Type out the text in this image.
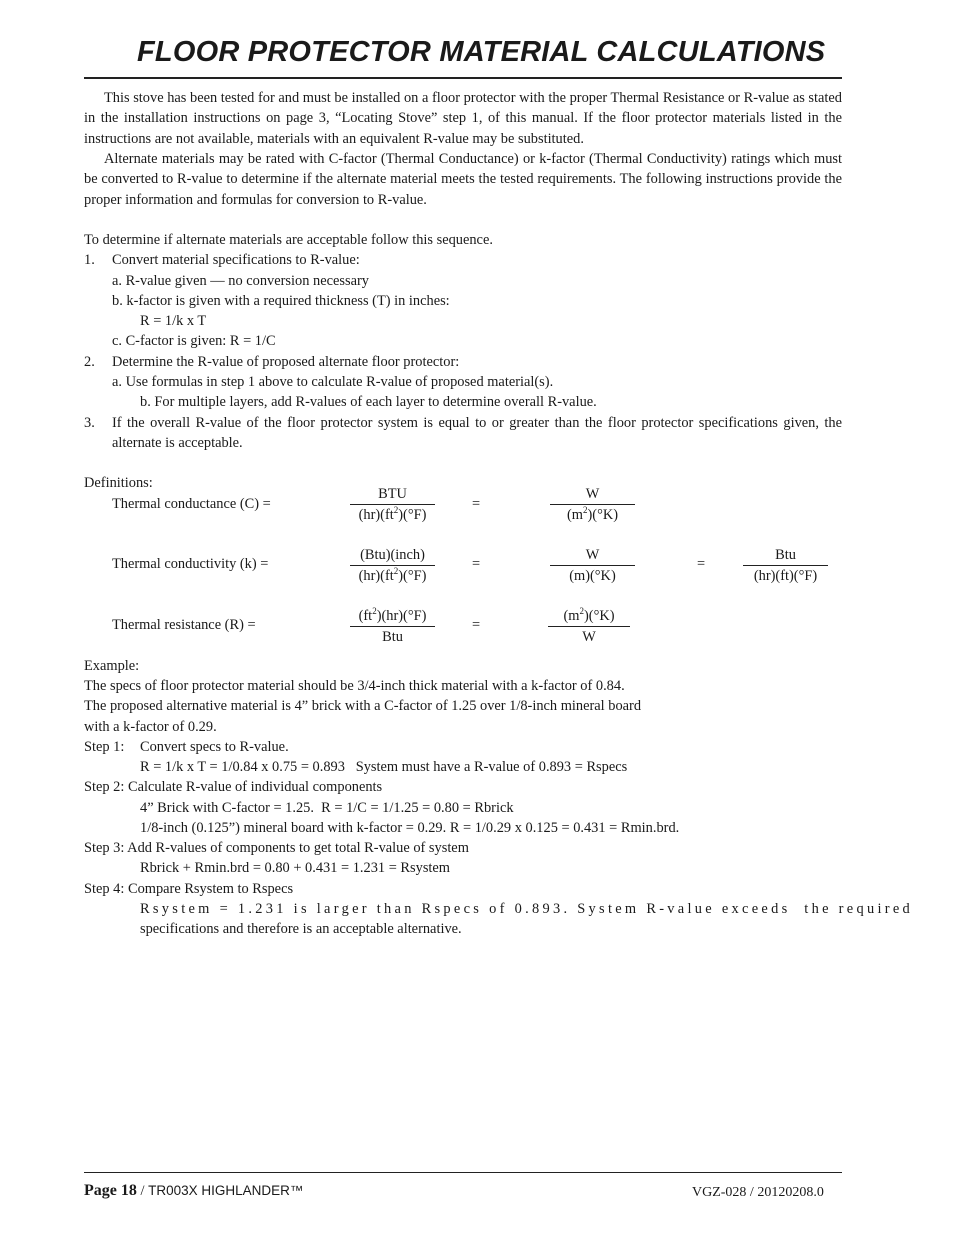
FLOOR PROTECTOR MATERIAL CALCULATIONS
This stove has been tested for and must be installed on a floor protector with the proper Thermal Resistance or R-value as stated in the installation instructions on page 3, “Locating Stove” step 1, of this manual. If the floor protector materials listed in the instructions are not available, materials with an equivalent R-value may be substituted.
Alternate materials may be rated with C-factor (Thermal Conductance) or k-factor (Thermal Conductivity) ratings which must be converted to R-value to determine if the alternate material meets the tested requirements. The following instructions provide the proper information and formulas for conversion to R-value.
To determine if alternate materials are acceptable follow this sequence.
1. Convert material specifications to R-value:
a. R-value given — no conversion necessary
b. k-factor is given with a required thickness (T) in inches:
R = 1/k x T
c. C-factor is given: R = 1/C
2. Determine the R-value of proposed alternate floor protector:
a. Use formulas in step 1 above to calculate R-value of proposed material(s).
b. For multiple layers, add R-values of each layer to determine overall R-value.
3. If the overall R-value of the floor protector system is equal to or greater than the floor protector specifications given, the alternate is acceptable.
Definitions:
Thermal conductance (C) =
BTU
$(hr)(ft^2)(^\circ F)$
=	$\frac{W}{(m^2)(^\circ K)}$
Thermal conductivity (k) =
(Btu)(inch)
$(hr)(ft^2)(^\circ F)$
=	$\frac{W}{(m)(^\circ K)}$	=
Btu
(hr)(ft)(°F)
Thermal resistance (R) =
$(ft^2)(hr)(^\circ F)$
Btu
=	$\frac{(m^2)(^\circ K)}{W}$
Example:
The specs of floor protector material should be 3/4-inch thick material with a k-factor of 0.84.
The proposed alternative material is 4” brick with a C-factor of 1.25 over 1/8-inch mineral board
with a k-factor of 0.29.
Step 1: Convert specs to R-value.
R = 1/k x T = 1/0.84 x 0.75 = 0.893   System must have a R-value of 0.893 = Rspecs
Step 2: Calculate R-value of individual components
4” Brick with C-factor = 1.25.  R = 1/C = 1/1.25 = 0.80 = Rbrick
1/8-inch (0.125”) mineral board with k-factor = 0.29. R = 1/0.29 x 0.125 = 0.431 = Rmin.brd.
Step 3: Add R-values of components to get total R-value of system
Rbrick + Rmin.brd = 0.80 + 0.431 = 1.231 = Rsystem
Step 4: Compare Rsystem to Rspecs
Rsystem = 1.231 is larger than Rspecs of 0.893. System R-value exceeds  the required
specifications and therefore is an acceptable alternative.
Page 18 / TR003X HIGHLANDER™	VGZ-028 / 20120208.0
